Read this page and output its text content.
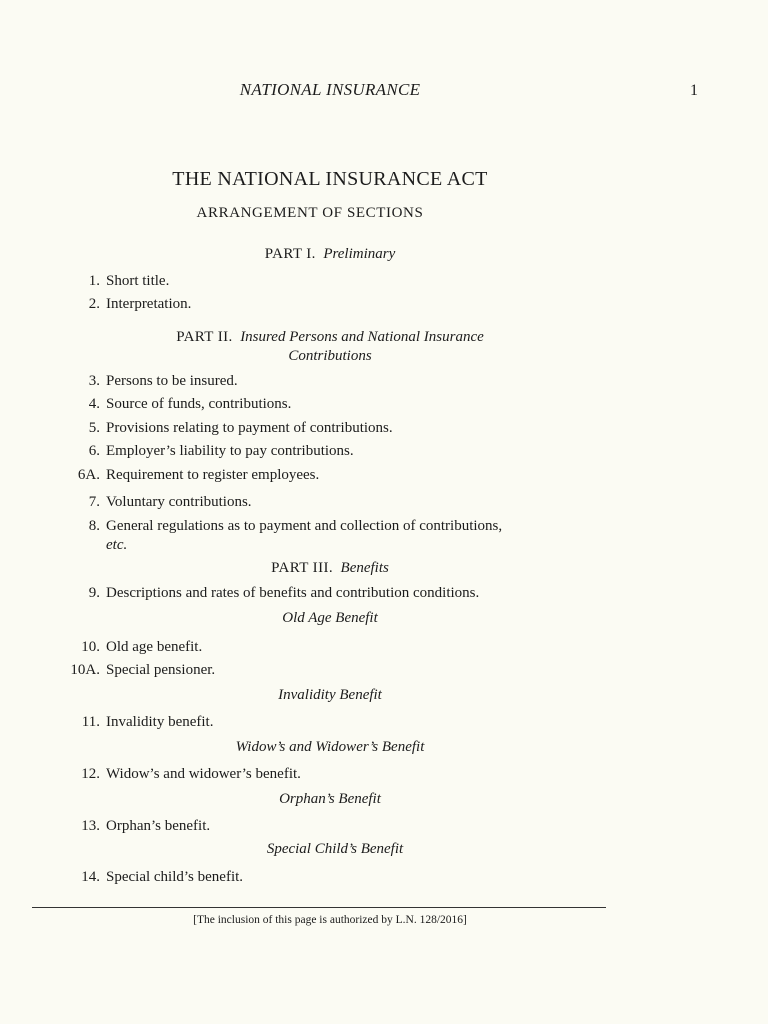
NATIONAL INSURANCE	1
THE NATIONAL INSURANCE ACT
ARRANGEMENT OF SECTIONS
PART I. Preliminary
1. Short title.
2. Interpretation.
PART II. Insured Persons and National Insurance
Contributions
3. Persons to be insured.
4. Source of funds, contributions.
5. Provisions relating to payment of contributions.
6. Employer’s liability to pay contributions.
6A. Requirement to register employees.
7. Voluntary contributions.
8. General regulations as to payment and collection of contributions,
etc.
PART III. Benefits
9. Descriptions and rates of benefits and contribution conditions.
Old Age Benefit
10. Old age benefit.
10A. Special pensioner.
Invalidity Benefit
11. Invalidity benefit.
Widow’s and Widower’s Benefit
12. Widow’s and widower’s benefit.
Orphan’s Benefit
13. Orphan’s benefit.
Special Child’s Benefit
14. Special child’s benefit.
[The inclusion of this page is authorized by L.N. 128/2016]
